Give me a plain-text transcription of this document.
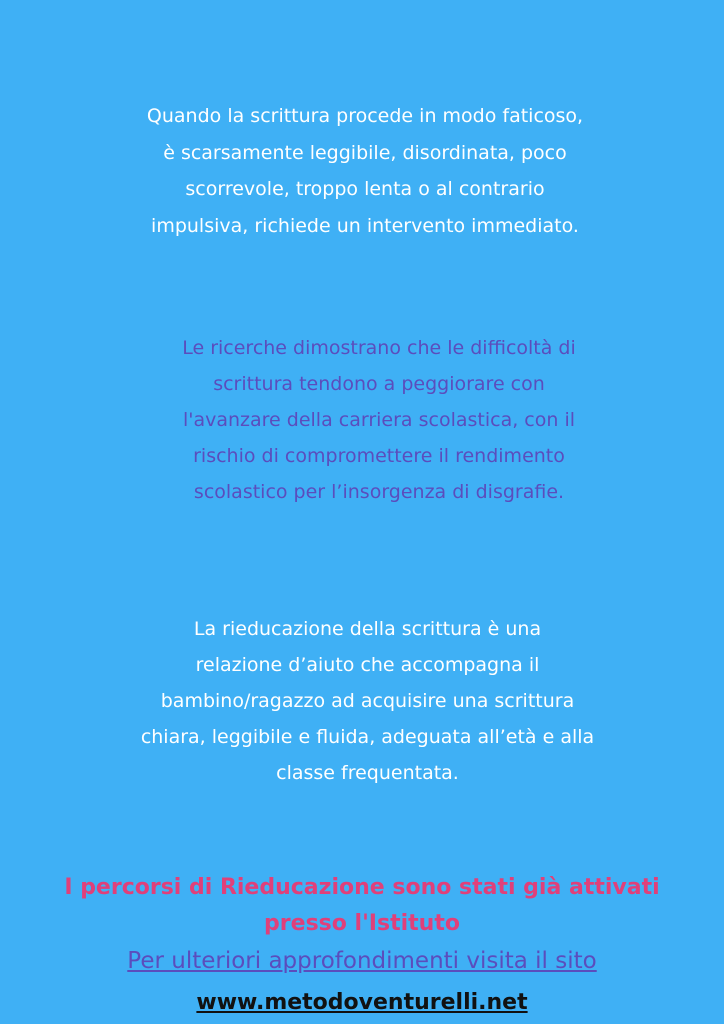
Quando la scrittura procede in modo faticoso,
è scarsamente leggibile, disordinata, poco
scorrevole, troppo lenta o al contrario
impulsiva, richiede un intervento immediato.
Le ricerche dimostrano che le difficoltà di
scrittura tendono a peggiorare con
l'avanzare della carriera scolastica, con il
rischio di compromettere il rendimento
scolastico per l’insorgenza di disgrafie.
La rieducazione della scrittura è una
relazione d’aiuto che accompagna il
bambino/ragazzo ad acquisire una scrittura
chiara, leggibile e fluida, adeguata all’età e alla
classe frequentata.
I percorsi di Rieducazione sono stati già attivati
presso l'Istituto
Per ulteriori approfondimenti visita il sito
www.metodoventurelli.net
